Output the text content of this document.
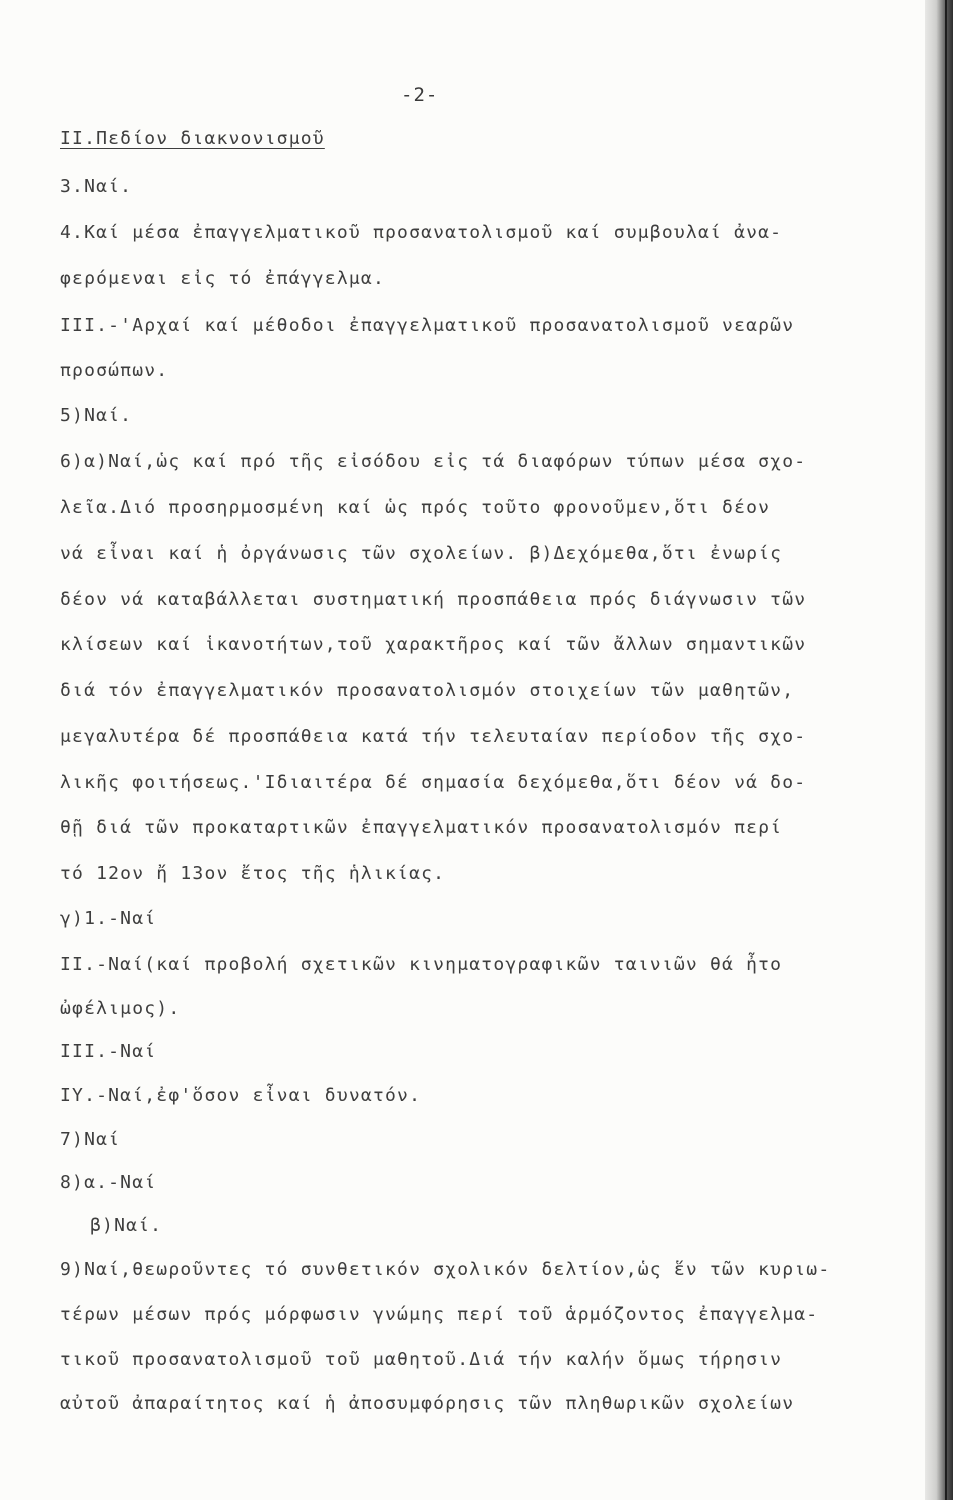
-2-
II.Πεδίον διακνονισμοῦ
3.Ναί.
4.Καί μέσα ἐπαγγελματικοῦ προσανατολισμοῦ καί συμβουλαί ἀνα-
φερόμεναι εἰς τό ἐπάγγελμα.
III.-'Αρχαί καί μέθοδοι ἐπαγγελματικοῦ προσανατολισμοῦ νεαρῶν
προσώπων.
5)Ναί.
6)α)Ναί,ὡς καί πρό τῆς εἰσόδου εἰς τά διαφόρων τύπων μέσα σχο-
λεῖα.Διό προσηρμοσμένη καί ὡς πρός τοῦτο φρονοῦμεν,ὅτι δέον
νά εἶναι καί ἡ ὀργάνωσις τῶν σχολείων. β)Δεχόμεθα,ὅτι ἐνωρίς
δέον νά καταβάλλεται συστηματική προσπάθεια πρός διάγνωσιν τῶν
κλίσεων καί ἱκανοτήτων,τοῦ χαρακτῆρος καί τῶν ἄλλων σημαντικῶν
διά τόν ἐπαγγελματικόν προσανατολισμόν στοιχείων τῶν μαθητῶν,
μεγαλυτέρα δέ προσπάθεια κατά τήν τελευταίαν περίοδον τῆς σχο-
λικῆς φοιτήσεως.'Ιδιαιτέρα δέ σημασία δεχόμεθα,ὅτι δέον νά δο-
θῇ διά τῶν προκαταρτικῶν ἐπαγγελματικόν προσανατολισμόν περί
τό 12ον ἤ 13ον ἔτος τῆς ἡλικίας.
γ)1.-Ναί
II.-Ναί(καί προβολή σχετικῶν κινηματογραφικῶν ταινιῶν θά ἦτο
ὠφέλιμος).
III.-Ναί
IY.-Ναί,ἐφ'ὅσον εἶναι δυνατόν.
7)Ναί
8)α.-Ναί
β)Ναί.
9)Ναί,θεωροῦντες τό συνθετικόν σχολικόν δελτίον,ὡς ἕν τῶν κυριω-
τέρων μέσων πρός μόρφωσιν γνώμης περί τοῦ ἁρμόζοντος ἐπαγγελμα-
τικοῦ προσανατολισμοῦ τοῦ μαθητοῦ.Διά τήν καλήν ὅμως τήρησιν
αὐτοῦ ἀπαραίτητος καί ἡ ἀποσυμφόρησις τῶν πληθωρικῶν σχολείων
